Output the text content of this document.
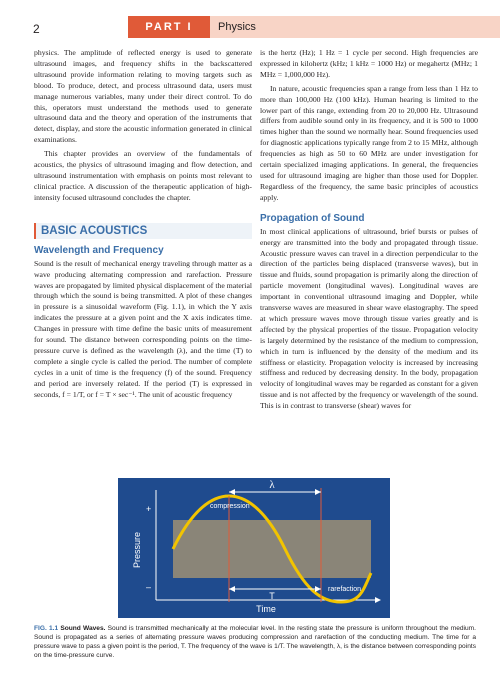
2	PART I	Physics

physics. The amplitude of reflected energy is used to generate ultrasound images, and frequency shifts in the backscattered ultrasound provide information relating to moving targets such as blood. To produce, detect, and process ultrasound data, users must manage numerous variables, many under their direct control. To do this, operators must understand the methods used to generate ultrasound data and the theory and operation of the instruments that detect, display, and store the acoustic information generated in clinical examinations.

This chapter provides an overview of the fundamentals of acoustics, the physics of ultrasound imaging and flow detection, and ultrasound instrumentation with emphasis on points most relevant to clinical practice. A discussion of the therapeutic application of high-intensity focused ultrasound concludes the chapter.

BASIC ACOUSTICS
Wavelength and Frequency

Sound is the result of mechanical energy traveling through matter as a wave producing alternating compression and rarefaction. Pressure waves are propagated by limited physical displacement of the material through which the sound is being transmitted. A plot of these changes in pressure is a sinusoidal waveform (Fig. 1.1), in which the Y axis indicates the pressure at a given point and the X axis indicates time. Changes in pressure with time define the basic units of measurement for sound. The distance between corresponding points on the time-pressure curve is defined as the wavelength (λ), and the time (T) to complete a single cycle is called the period. The number of complete cycles in a unit of time is the frequency (f) of the sound. Frequency and period are inversely related. If the period (T) is expressed in seconds, f = 1/T, or f = T × sec⁻¹. The unit of acoustic frequency

is the hertz (Hz); 1 Hz = 1 cycle per second. High frequencies are expressed in kilohertz (kHz; 1 kHz = 1000 Hz) or megahertz (MHz; 1 MHz = 1,000,000 Hz).

In nature, acoustic frequencies span a range from less than 1 Hz to more than 100,000 Hz (100 kHz). Human hearing is limited to the lower part of this range, extending from 20 to 20,000 Hz. Ultrasound differs from audible sound only in its frequency, and it is 500 to 1000 times higher than the sound we normally hear. Sound frequencies used for diagnostic applications typically range from 2 to 15 MHz, although frequencies as high as 50 to 60 MHz are under investigation for certain specialized imaging applications. In general, the frequencies used for ultrasound imaging are higher than those used for Doppler. Regardless of the frequency, the same basic principles of acoustics apply.

Propagation of Sound

In most clinical applications of ultrasound, brief bursts or pulses of energy are transmitted into the body and propagated through tissue. Acoustic pressure waves can travel in a direction perpendicular to the direction of the particles being displaced (transverse waves), but in tissue and fluids, sound propagation is primarily along the direction of particle movement (longitudinal waves). Longitudinal waves are important in conventional ultrasound imaging and Doppler, while transverse waves are measured in shear wave elastography. The speed at which pressure waves move through tissue varies greatly and is affected by the physical properties of the tissue. Propagation velocity is largely determined by the resistance of the medium to compression, which in turn is influenced by the density of the medium and its stiffness or elasticity. Propagation velocity is increased by increasing stiffness and reduced by decreasing density. In the body, propagation velocity of longitudinal waves may be regarded as constant for a given tissue and is not affected by the frequency or wavelength of the sound. This is in contrast to transverse (shear) waves for

λ
compression
rarefaction
T
+
–
Pressure
Time
FIG. 1.1 Sound Waves. Sound is transmitted mechanically at the molecular level. In the resting state the pressure is uniform throughout the medium. Sound is propagated as a series of alternating pressure waves producing compression and rarefaction of the conducting medium. The time for a pressure wave to pass a given point is the period, T. The frequency of the wave is 1/T. The wavelength, λ, is the distance between corresponding points on the time-pressure curve.
